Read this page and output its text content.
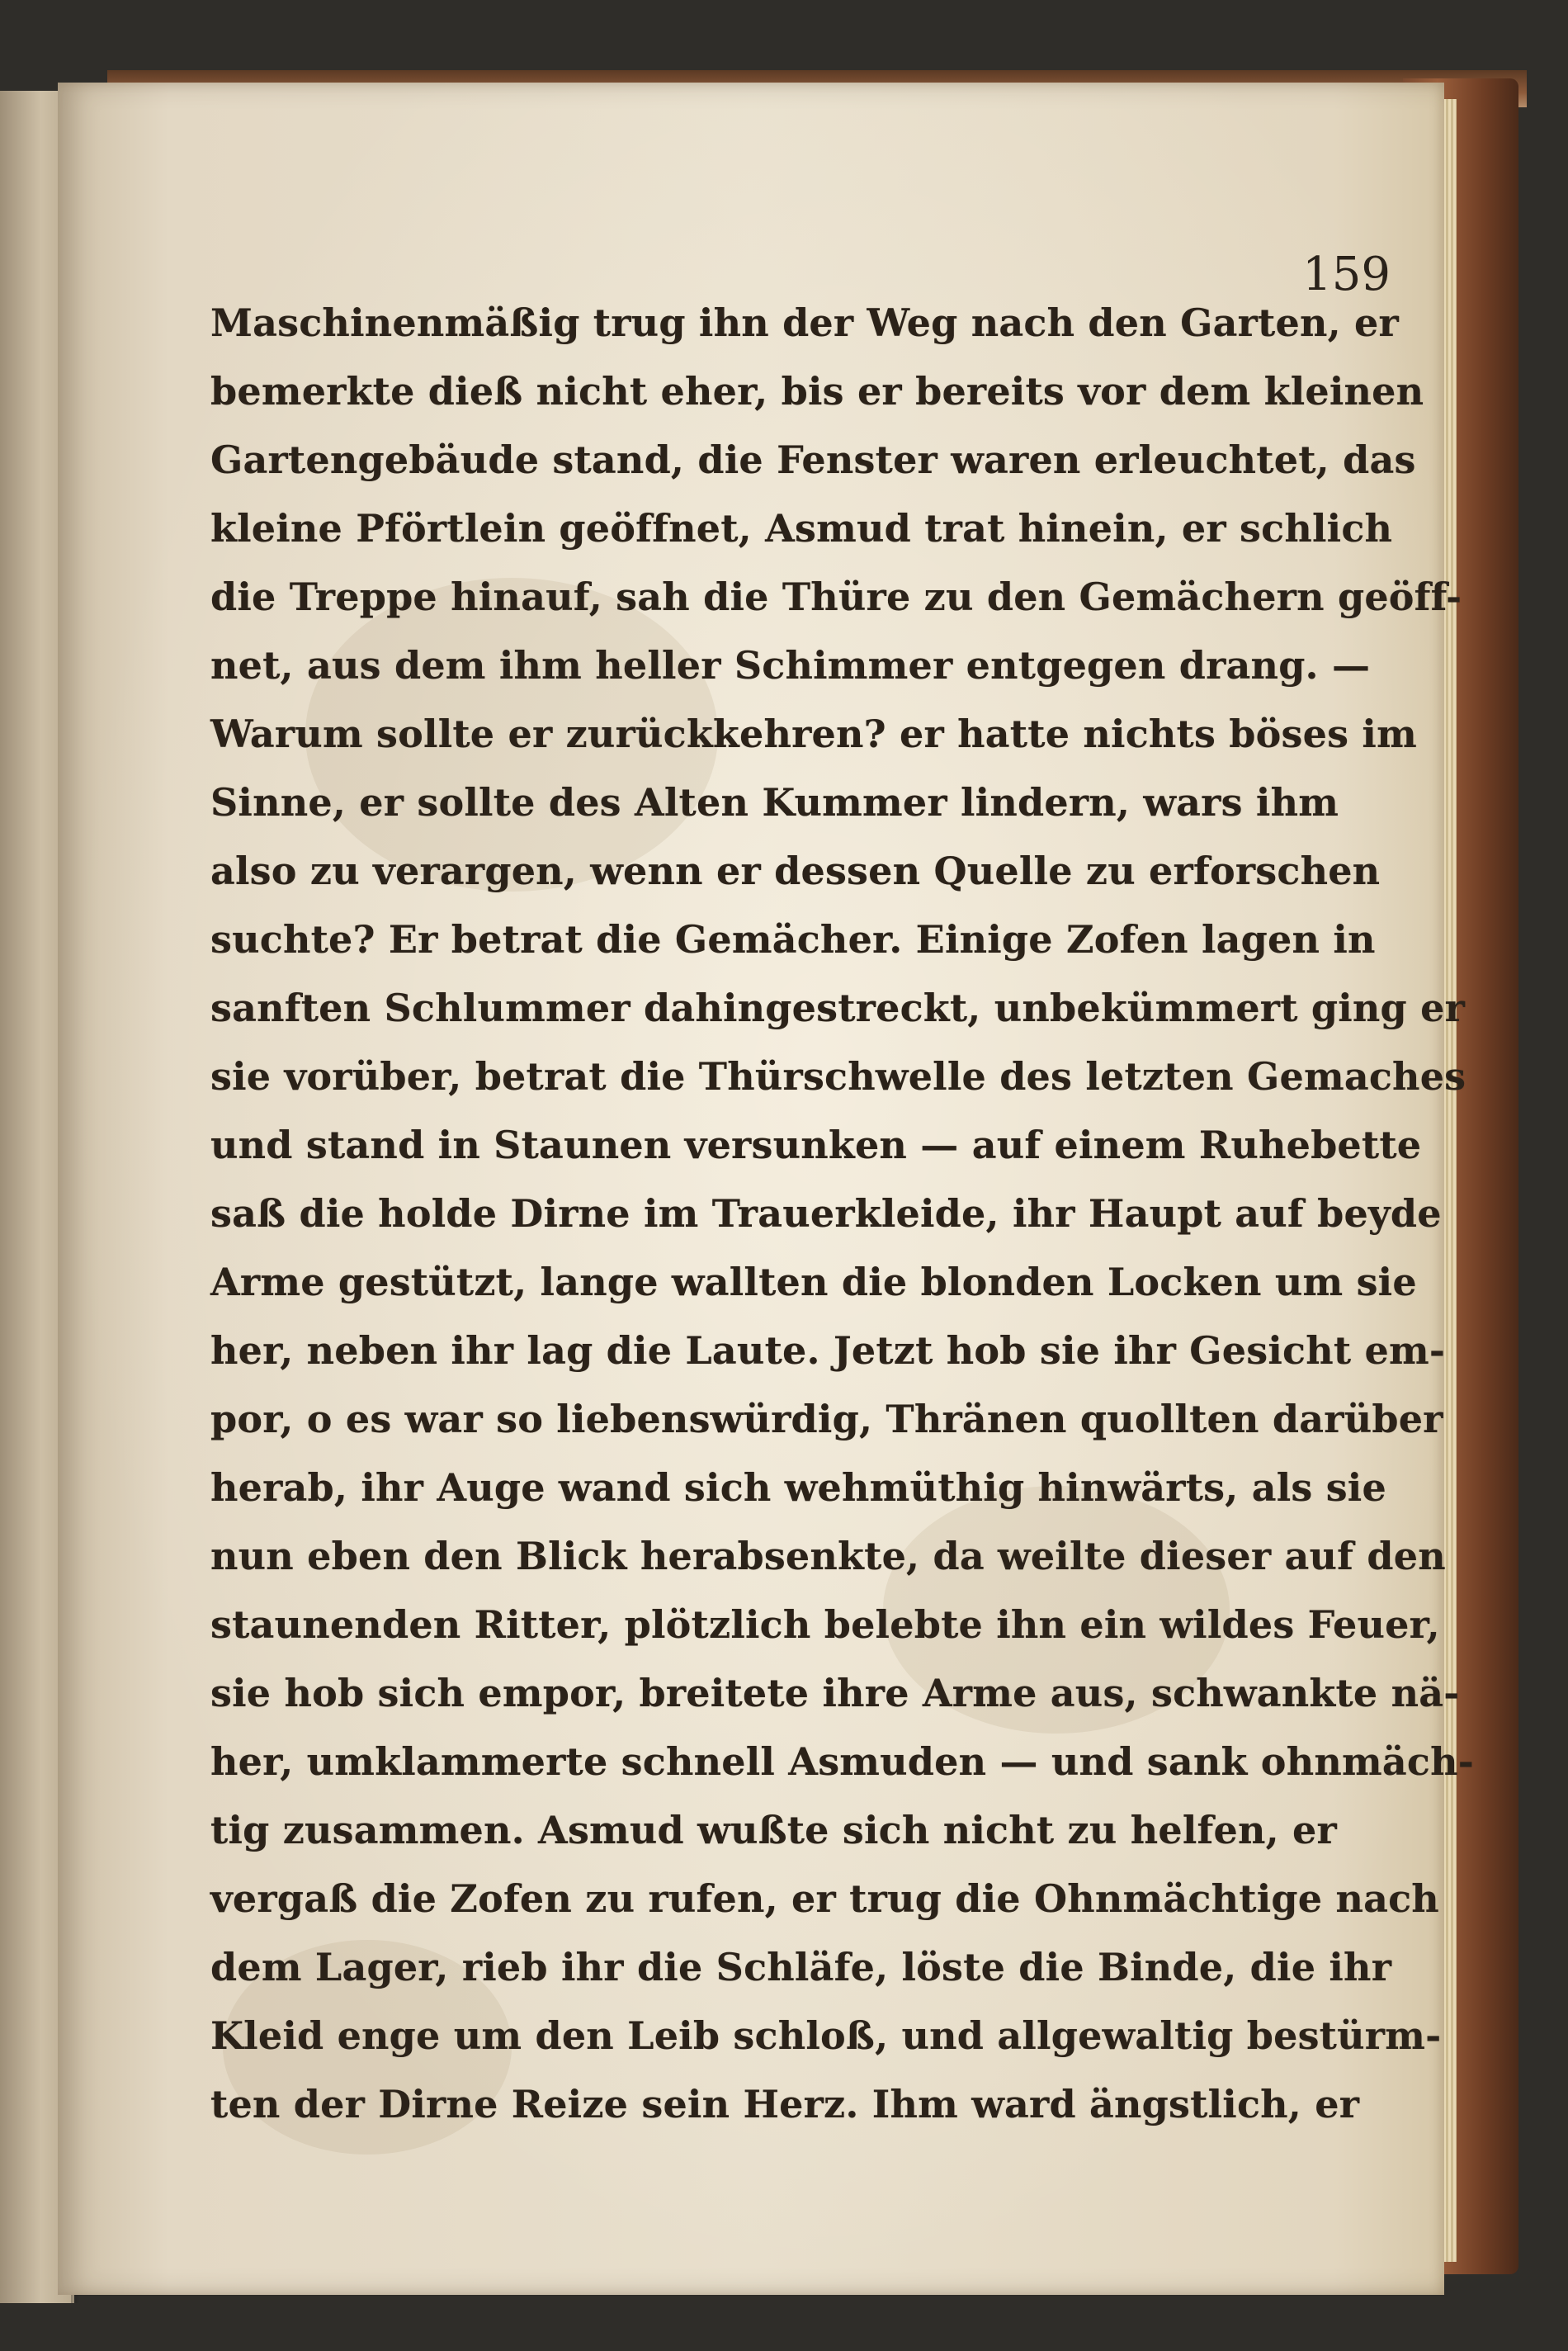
159

Maschinenmäßig trug ihn der Weg nach den Garten, er
bemerkte dieß nicht eher, bis er bereits vor dem kleinen
Gartengebäude stand, die Fenster waren erleuchtet, das
kleine Pförtlein geöffnet, Asmud trat hinein, er schlich
die Treppe hinauf, sah die Thüre zu den Gemächern geöff-
net, aus dem ihm heller Schimmer entgegen drang. —
Warum sollte er zurückkehren? er hatte nichts böses im
Sinne, er sollte des Alten Kummer lindern, wars ihm
also zu verargen, wenn er dessen Quelle zu erforschen
suchte? Er betrat die Gemächer. Einige Zofen lagen in
sanften Schlummer dahingestreckt, unbekümmert ging er
sie vorüber, betrat die Thürschwelle des letzten Gemaches
und stand in Staunen versunken — auf einem Ruhebette
saß die holde Dirne im Trauerkleide, ihr Haupt auf beyde
Arme gestützt, lange wallten die blonden Locken um sie
her, neben ihr lag die Laute. Jetzt hob sie ihr Gesicht em-
por, o es war so liebenswürdig, Thränen quollten darüber
herab, ihr Auge wand sich wehmüthig hinwärts, als sie
nun eben den Blick herabsenkte, da weilte dieser auf den
staunenden Ritter, plötzlich belebte ihn ein wildes Feuer,
sie hob sich empor, breitete ihre Arme aus, schwankte nä-
her, umklammerte schnell Asmuden — und sank ohnmäch-
tig zusammen. Asmud wußte sich nicht zu helfen, er
vergaß die Zofen zu rufen, er trug die Ohnmächtige nach
dem Lager, rieb ihr die Schläfe, löste die Binde, die ihr
Kleid enge um den Leib schloß, und allgewaltig bestürm-
ten der Dirne Reize sein Herz. Ihm ward ängstlich, er
